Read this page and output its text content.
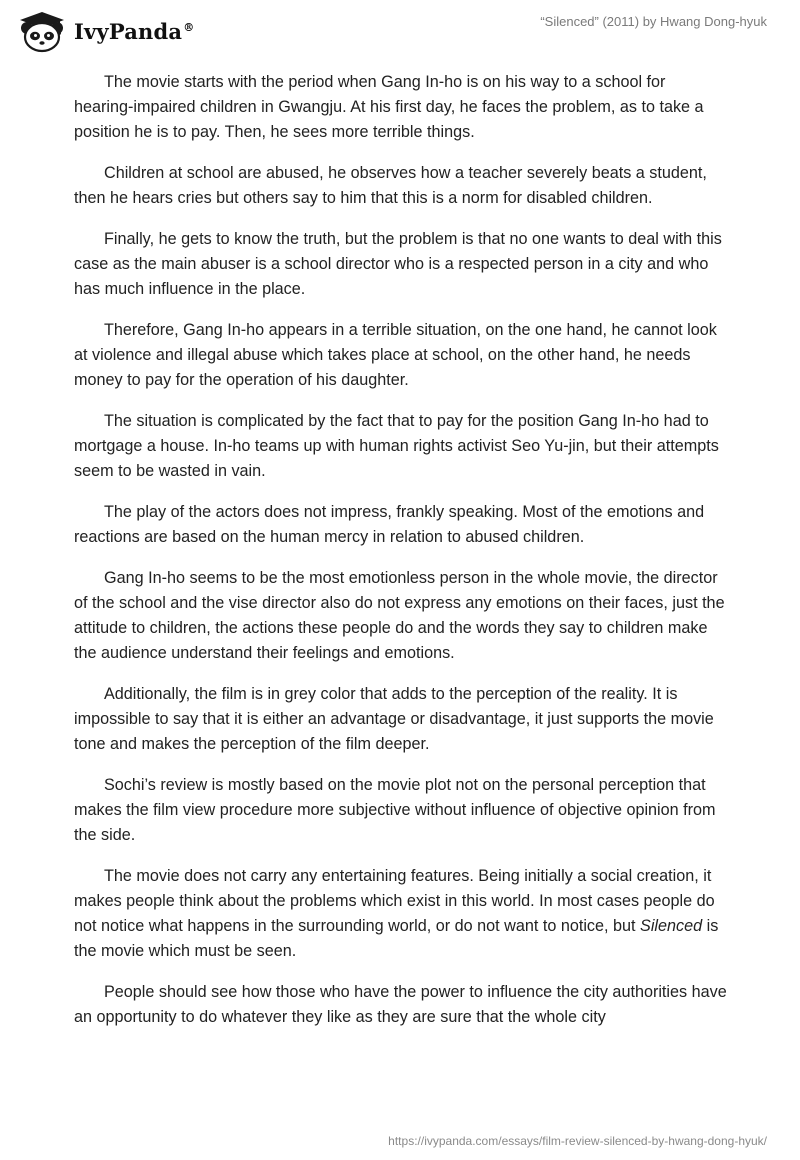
IvyPanda®	“Silenced” (2011) by Hwang Dong-hyuk

The movie starts with the period when Gang In-ho is on his way to a school for hearing-impaired children in Gwangju. At his first day, he faces the problem, as to take a position he is to pay. Then, he sees more terrible things.

Children at school are abused, he observes how a teacher severely beats a student, then he hears cries but others say to him that this is a norm for disabled children.

Finally, he gets to know the truth, but the problem is that no one wants to deal with this case as the main abuser is a school director who is a respected person in a city and who has much influence in the place.

Therefore, Gang In-ho appears in a terrible situation, on the one hand, he cannot look at violence and illegal abuse which takes place at school, on the other hand, he needs money to pay for the operation of his daughter.

The situation is complicated by the fact that to pay for the position Gang In-ho had to mortgage a house. In-ho teams up with human rights activist Seo Yu-jin, but their attempts seem to be wasted in vain.

The play of the actors does not impress, frankly speaking. Most of the emotions and reactions are based on the human mercy in relation to abused children.

Gang In-ho seems to be the most emotionless person in the whole movie, the director of the school and the vise director also do not express any emotions on their faces, just the attitude to children, the actions these people do and the words they say to children make the audience understand their feelings and emotions.

Additionally, the film is in grey color that adds to the perception of the reality. It is impossible to say that it is either an advantage or disadvantage, it just supports the movie tone and makes the perception of the film deeper.

Sochi’s review is mostly based on the movie plot not on the personal perception that makes the film view procedure more subjective without influence of objective opinion from the side.

The movie does not carry any entertaining features. Being initially a social creation, it makes people think about the problems which exist in this world. In most cases people do not notice what happens in the surrounding world, or do not want to notice, but Silenced is the movie which must be seen.

People should see how those who have the power to influence the city authorities have an opportunity to do whatever they like as they are sure that the whole city

https://ivypanda.com/essays/film-review-silenced-by-hwang-dong-hyuk/
